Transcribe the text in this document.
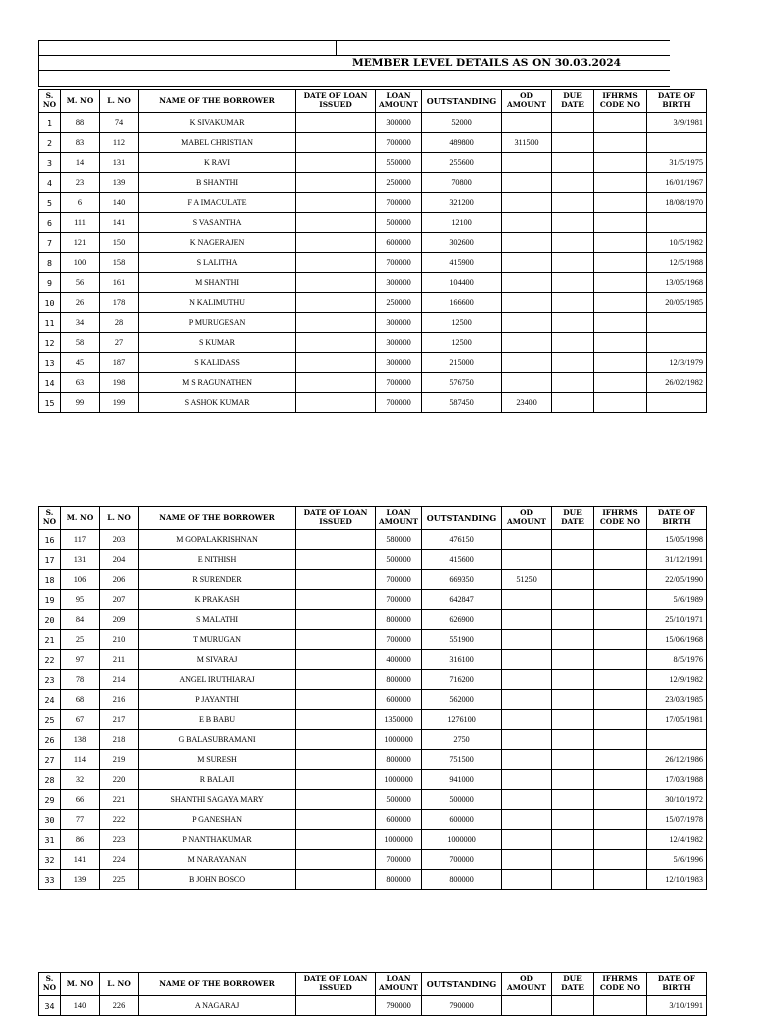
MEMBER LEVEL DETAILS AS ON 30.03.2024

S. NO	M. NO	L. NO	NAME OF THE BORROWER	DATE OF LOAN ISSUED	LOAN AMOUNT	OUTSTANDING	OD AMOUNT	DUE DATE	IFHRMS CODE NO	DATE OF BIRTH
1	88	74	K SIVAKUMAR		300000	52000				3/9/1981
2	83	112	MABEL CHRISTIAN		700000	489800	311500			
3	14	131	K RAVI		550000	255600				31/5/1975
4	23	139	B SHANTHI		250000	70800				16/01/1967
5	6	140	F A IMACULATE		700000	321200				18/08/1970
6	111	141	S VASANTHA		500000	12100				
7	121	150	K NAGERAJEN		600000	302600				10/5/1982
8	100	158	S LALITHA		700000	415900				12/5/1988
9	56	161	M SHANTHI		300000	104400				13/05/1968
10	26	178	N KALIMUTHU		250000	166600				20/05/1985
11	34	28	P MURUGESAN		300000	12500				
12	58	27	S KUMAR		300000	12500				
13	45	187	S KALIDASS		300000	215000				12/3/1979
14	63	198	M S RAGUNATHEN		700000	576750				26/02/1982
15	99	199	S ASHOK KUMAR		700000	587450	23400			
S. NO	M. NO	L. NO	NAME OF THE BORROWER	DATE OF LOAN ISSUED	LOAN AMOUNT	OUTSTANDING	OD AMOUNT	DUE DATE	IFHRMS CODE NO	DATE OF BIRTH
16	117	203	M GOPALAKRISHNAN		580000	476150				15/05/1998
17	131	204	E NITHISH		500000	415600				31/12/1991
18	106	206	R SURENDER		700000	669350	51250			22/05/1990
19	95	207	K PRAKASH		700000	642847				5/6/1989
20	84	209	S MALATHI		800000	626900				25/10/1971
21	25	210	T MURUGAN		700000	551900				15/06/1968
22	97	211	M SIVARAJ		400000	316100				8/5/1976
23	78	214	ANGEL IRUTHIARAJ		800000	716200				12/9/1982
24	68	216	P JAYANTHI		600000	562000				23/03/1985
25	67	217	E B BABU		1350000	1276100				17/05/1981
26	138	218	G BALASUBRAMANI		1000000	2750				
27	114	219	M SURESH		800000	751500				26/12/1986
28	32	220	R BALAJI		1000000	941000				17/03/1988
29	66	221	SHANTHI SAGAYA MARY		500000	500000				30/10/1972
30	77	222	P GANESHAN		600000	600000				15/07/1978
31	86	223	P NANTHAKUMAR		1000000	1000000				12/4/1982
32	141	224	M NARAYANAN		700000	700000				5/6/1996
33	139	225	B JOHN BOSCO		800000	800000				12/10/1983
S. NO	M. NO	L. NO	NAME OF THE BORROWER	DATE OF LOAN ISSUED	LOAN AMOUNT	OUTSTANDING	OD AMOUNT	DUE DATE	IFHRMS CODE NO	DATE OF BIRTH
34	140	226	A NAGARAJ		790000	790000				3/10/1991
